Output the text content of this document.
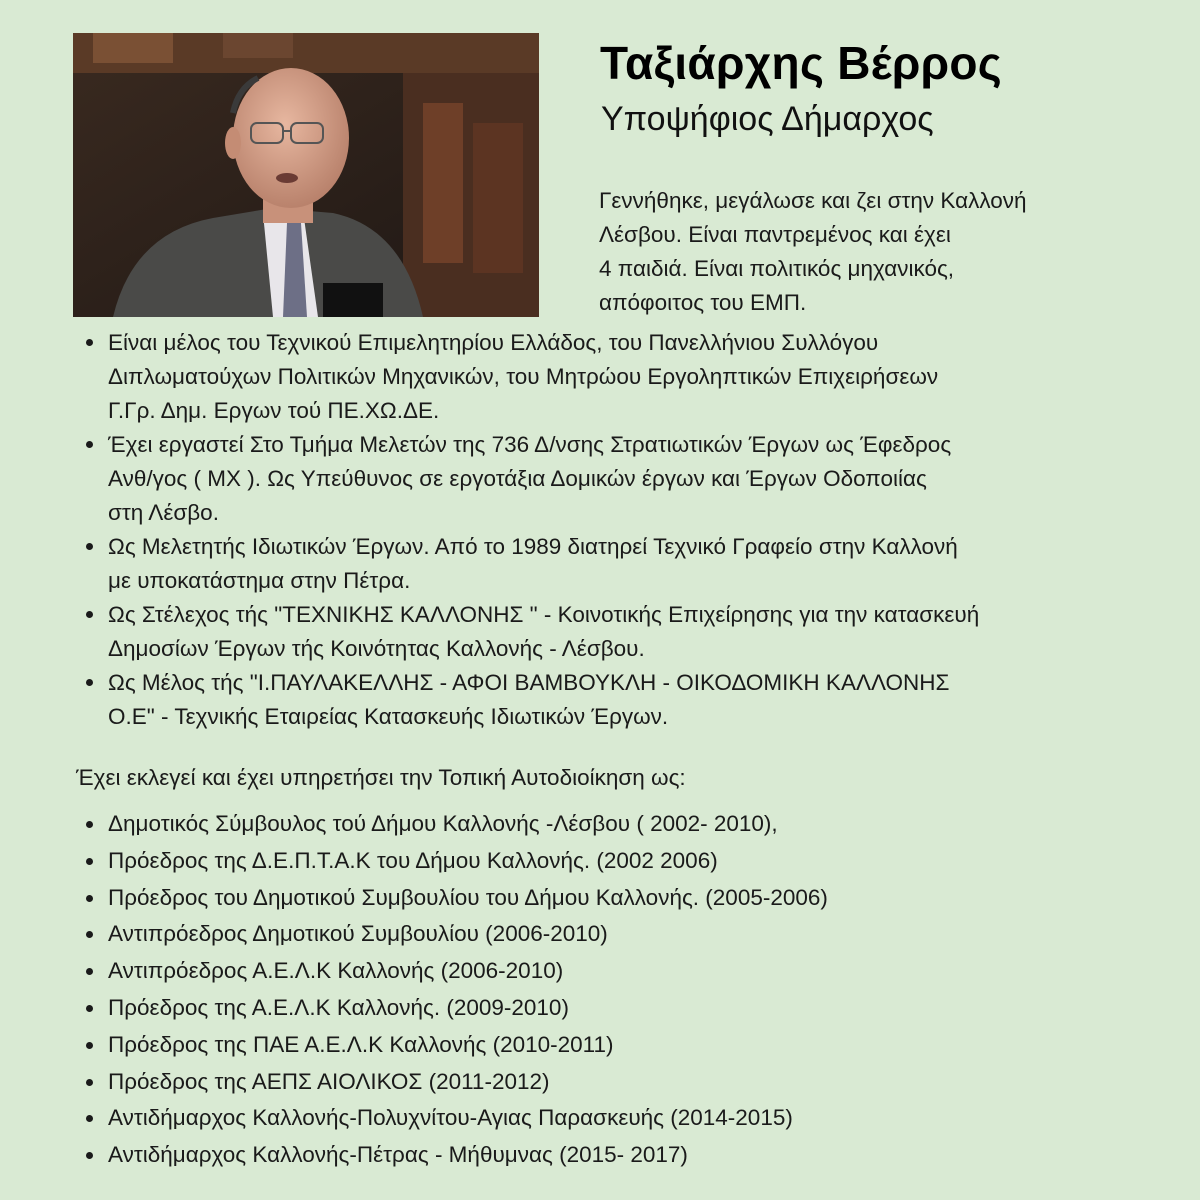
Ταξιάρχης Βέρρος
Υποψήφιος Δήμαρχος
Γεννήθηκε, μεγάλωσε και ζει στην Καλλονή
Λέσβου. Είναι παντρεμένος και έχει
4 παιδιά. Είναι πολιτικός μηχανικός,
απόφοιτος του ΕΜΠ.
Είναι μέλος του Τεχνικού Επιμελητηρίου Ελλάδος, του Πανελλήνιου Συλλόγου
Διπλωματούχων Πολιτικών Μηχανικών, του Μητρώου Εργοληπτικών Επιχειρήσεων
Γ.Γρ. Δημ. Εργων τού ΠΕ.ΧΩ.ΔΕ.
Έχει εργαστεί Στο Τμήμα Μελετών της 736 Δ/νσης Στρατιωτικών Έργων ως Έφεδρος
Ανθ/γος ( ΜΧ ). Ως Υπεύθυνος σε εργοτάξια Δομικών έργων και Έργων Οδοποιίας
στη Λέσβο.
Ως Μελετητής Ιδιωτικών Έργων. Από το 1989 διατηρεί Τεχνικό Γραφείο στην Καλλονή
με υποκατάστημα στην Πέτρα.
Ως Στέλεχος τής "ΤΕΧΝΙΚΗΣ ΚΑΛΛΟΝΗΣ " - Κοινοτικής Επιχείρησης για την κατασκευή
Δημοσίων Έργων τής Κοινότητας Καλλονής - Λέσβου.
Ως Μέλος τής "Ι.ΠΑΥΛΑΚΕΛΛΗΣ - ΑΦΟΙ ΒΑΜΒΟΥΚΛΗ - ΟΙΚΟΔΟΜΙΚΗ ΚΑΛΛΟΝΗΣ
Ο.Ε" - Τεχνικής Εταιρείας Κατασκευής Ιδιωτικών Έργων.
Έχει εκλεγεί και έχει υπηρετήσει την Τοπική Αυτοδιοίκηση ως:
Δημοτικός Σύμβουλος τού Δήμου Καλλονής -Λέσβου ( 2002- 2010),
Πρόεδρος της Δ.Ε.Π.Τ.Α.Κ του Δήμου Καλλονής. (2002 2006)
Πρόεδρος του Δημοτικού Συμβουλίου του Δήμου Καλλονής. (2005-2006)
Αντιπρόεδρος Δημοτικού Συμβουλίου (2006-2010)
Αντιπρόεδρος Α.Ε.Λ.Κ Καλλονής (2006-2010)
Πρόεδρος της Α.Ε.Λ.Κ Καλλονής. (2009-2010)
Πρόεδρος της ΠΑΕ Α.Ε.Λ.Κ Καλλονής (2010-2011)
Πρόεδρος της ΑΕΠΣ ΑΙΟΛΙΚΟΣ (2011-2012)
Αντιδήμαρχος Καλλονής-Πολυχνίτου-Αγιας Παρασκευής (2014-2015)
Αντιδήμαρχος Καλλονής-Πέτρας - Μήθυμνας (2015- 2017)
